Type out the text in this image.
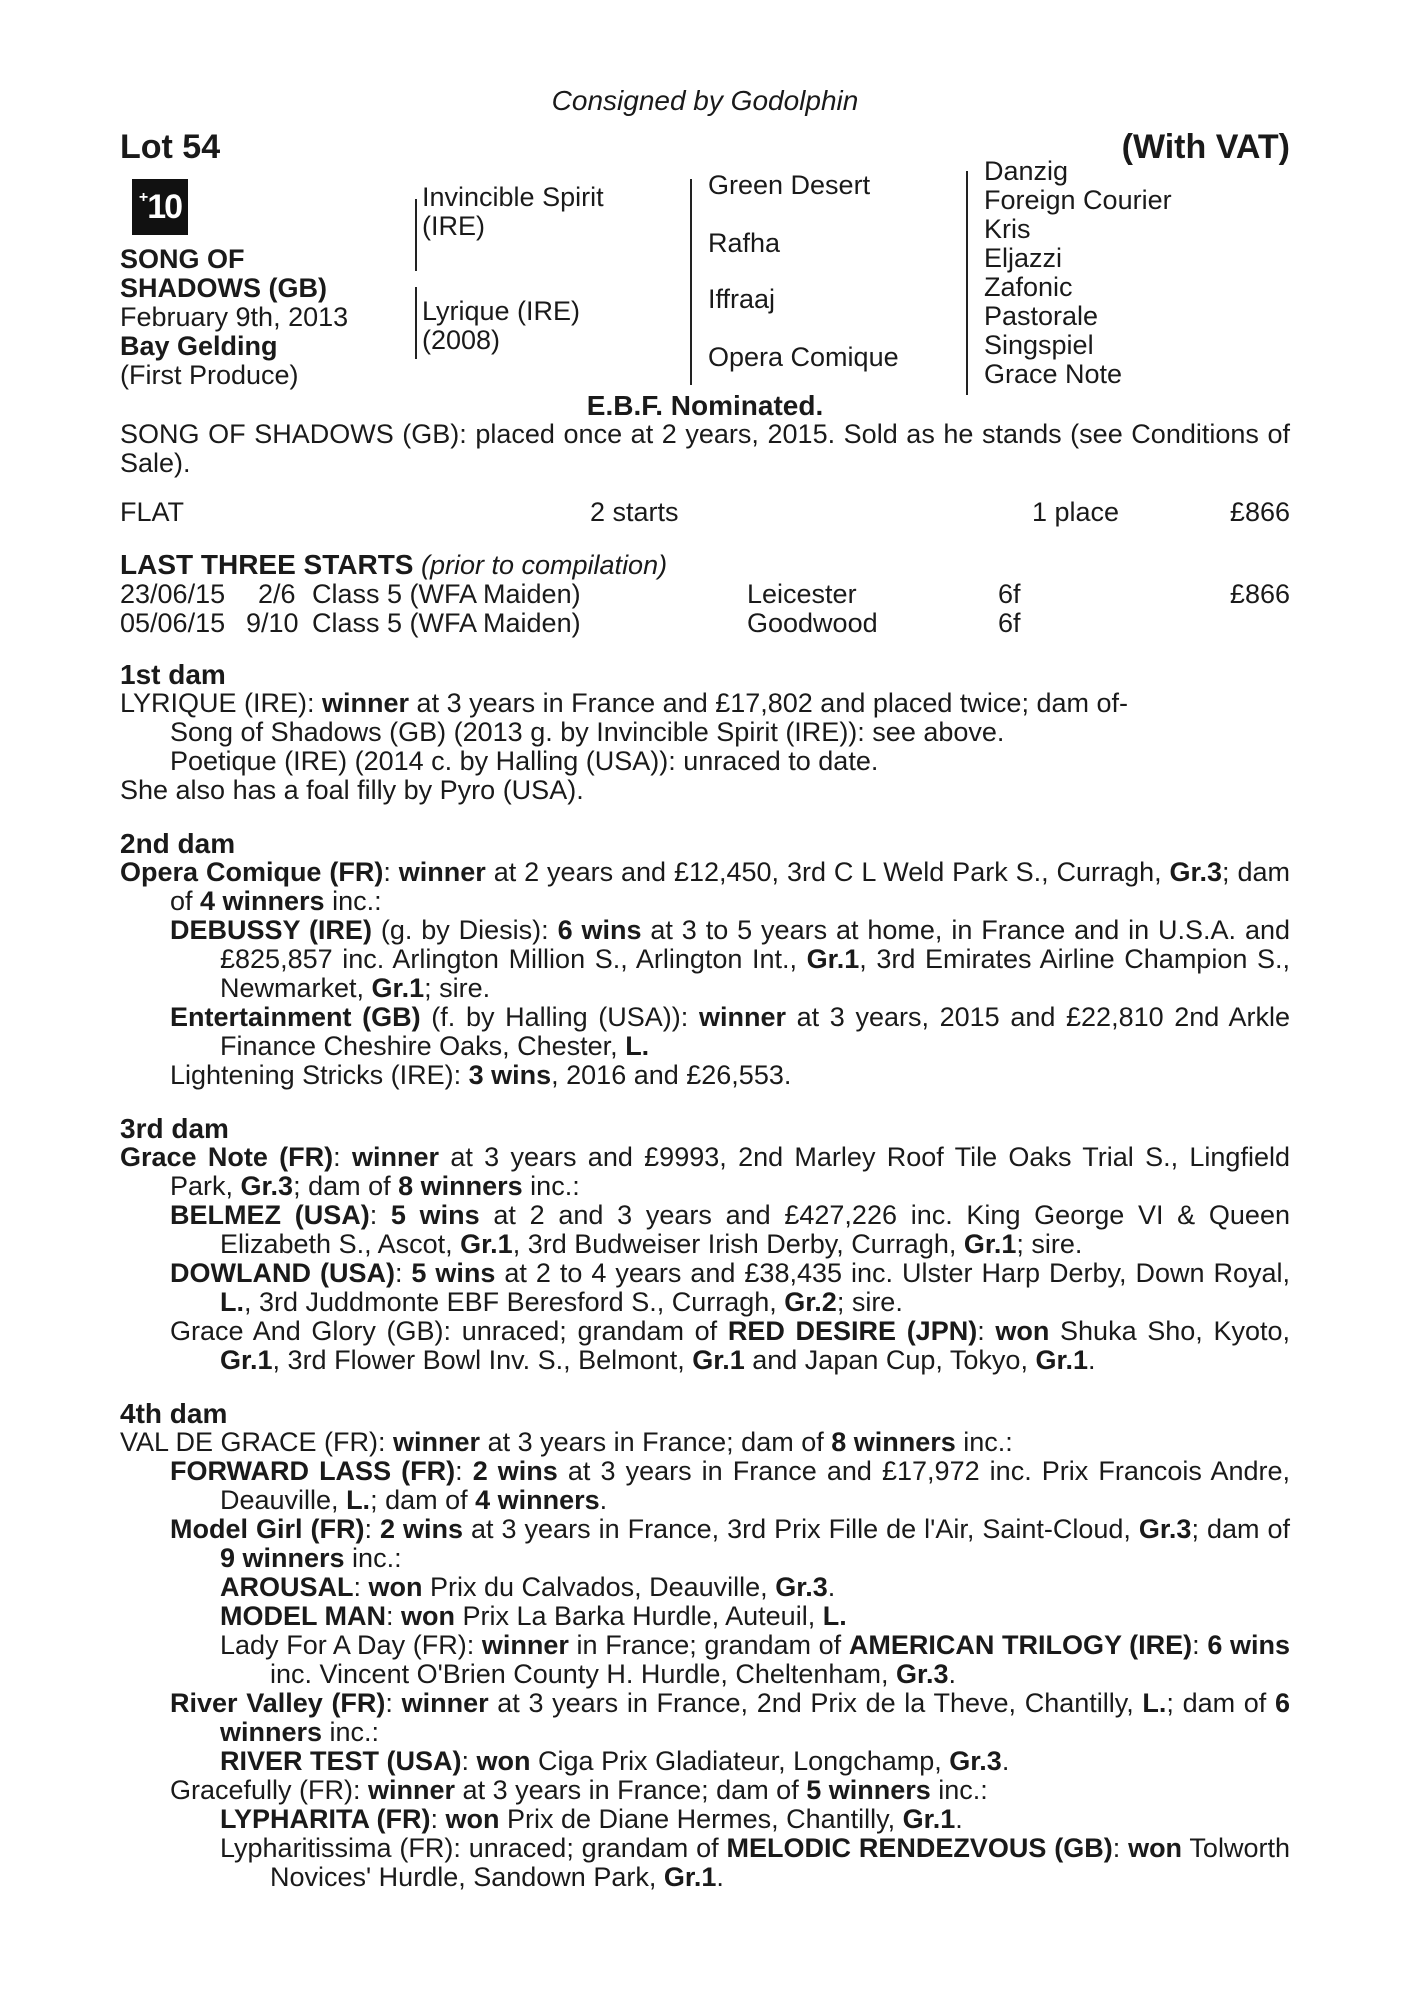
Consigned by Godolphin
Lot 54	(With VAT)
+ 10
SONG OF
SHADOWS (GB)
February 9th, 2013
Bay Gelding
(First Produce)
Invincible Spirit
(IRE)
Lyrique (IRE)
(2008)
Green Desert
Rafha
Iffraaj
Opera Comique
Danzig
Foreign Courier
Kris
Eljazzi
Zafonic
Pastorale
Singspiel
Grace Note
E.B.F. Nominated.
SONG OF SHADOWS (GB): placed once at 2 years, 2015. Sold as he stands (see Conditions of Sale).
FLAT	2 starts	1 place	£866
LAST THREE STARTS (prior to compilation)
23/06/15 2/6 Class 5 (WFA Maiden)	Leicester	6f	£866
05/06/15 9/10 Class 5 (WFA Maiden)	Goodwood	6f
1st dam
LYRIQUE (IRE): winner at 3 years in France and £17,802 and placed twice; dam of-
Song of Shadows (GB) (2013 g. by Invincible Spirit (IRE)): see above.
Poetique (IRE) (2014 c. by Halling (USA)): unraced to date.
She also has a foal filly by Pyro (USA).
2nd dam
Opera Comique (FR): winner at 2 years and £12,450, 3rd C L Weld Park S., Curragh, Gr.3; dam of 4 winners inc.:
DEBUSSY (IRE) (g. by Diesis): 6 wins at 3 to 5 years at home, in France and in U.S.A. and £825,857 inc. Arlington Million S., Arlington Int., Gr.1, 3rd Emirates Airline Champion S., Newmarket, Gr.1; sire.
Entertainment (GB) (f. by Halling (USA)): winner at 3 years, 2015 and £22,810 2nd Arkle Finance Cheshire Oaks, Chester, L.
Lightening Stricks (IRE): 3 wins, 2016 and £26,553.
3rd dam
Grace Note (FR): winner at 3 years and £9993, 2nd Marley Roof Tile Oaks Trial S., Lingfield Park, Gr.3; dam of 8 winners inc.:
BELMEZ (USA): 5 wins at 2 and 3 years and £427,226 inc. King George VI & Queen Elizabeth S., Ascot, Gr.1, 3rd Budweiser Irish Derby, Curragh, Gr.1; sire.
DOWLAND (USA): 5 wins at 2 to 4 years and £38,435 inc. Ulster Harp Derby, Down Royal, L., 3rd Juddmonte EBF Beresford S., Curragh, Gr.2; sire.
Grace And Glory (GB): unraced; grandam of RED DESIRE (JPN): won Shuka Sho, Kyoto, Gr.1, 3rd Flower Bowl Inv. S., Belmont, Gr.1 and Japan Cup, Tokyo, Gr.1.
4th dam
VAL DE GRACE (FR): winner at 3 years in France; dam of 8 winners inc.:
FORWARD LASS (FR): 2 wins at 3 years in France and £17,972 inc. Prix Francois Andre, Deauville, L.; dam of 4 winners.
Model Girl (FR): 2 wins at 3 years in France, 3rd Prix Fille de l'Air, Saint-Cloud, Gr.3; dam of 9 winners inc.:
AROUSAL: won Prix du Calvados, Deauville, Gr.3.
MODEL MAN: won Prix La Barka Hurdle, Auteuil, L.
Lady For A Day (FR): winner in France; grandam of AMERICAN TRILOGY (IRE): 6 wins inc. Vincent O'Brien County H. Hurdle, Cheltenham, Gr.3.
River Valley (FR): winner at 3 years in France, 2nd Prix de la Theve, Chantilly, L.; dam of 6 winners inc.:
RIVER TEST (USA): won Ciga Prix Gladiateur, Longchamp, Gr.3.
Gracefully (FR): winner at 3 years in France; dam of 5 winners inc.:
LYPHARITA (FR): won Prix de Diane Hermes, Chantilly, Gr.1.
Lypharitissima (FR): unraced; grandam of MELODIC RENDEZVOUS (GB): won Tolworth Novices' Hurdle, Sandown Park, Gr.1.
